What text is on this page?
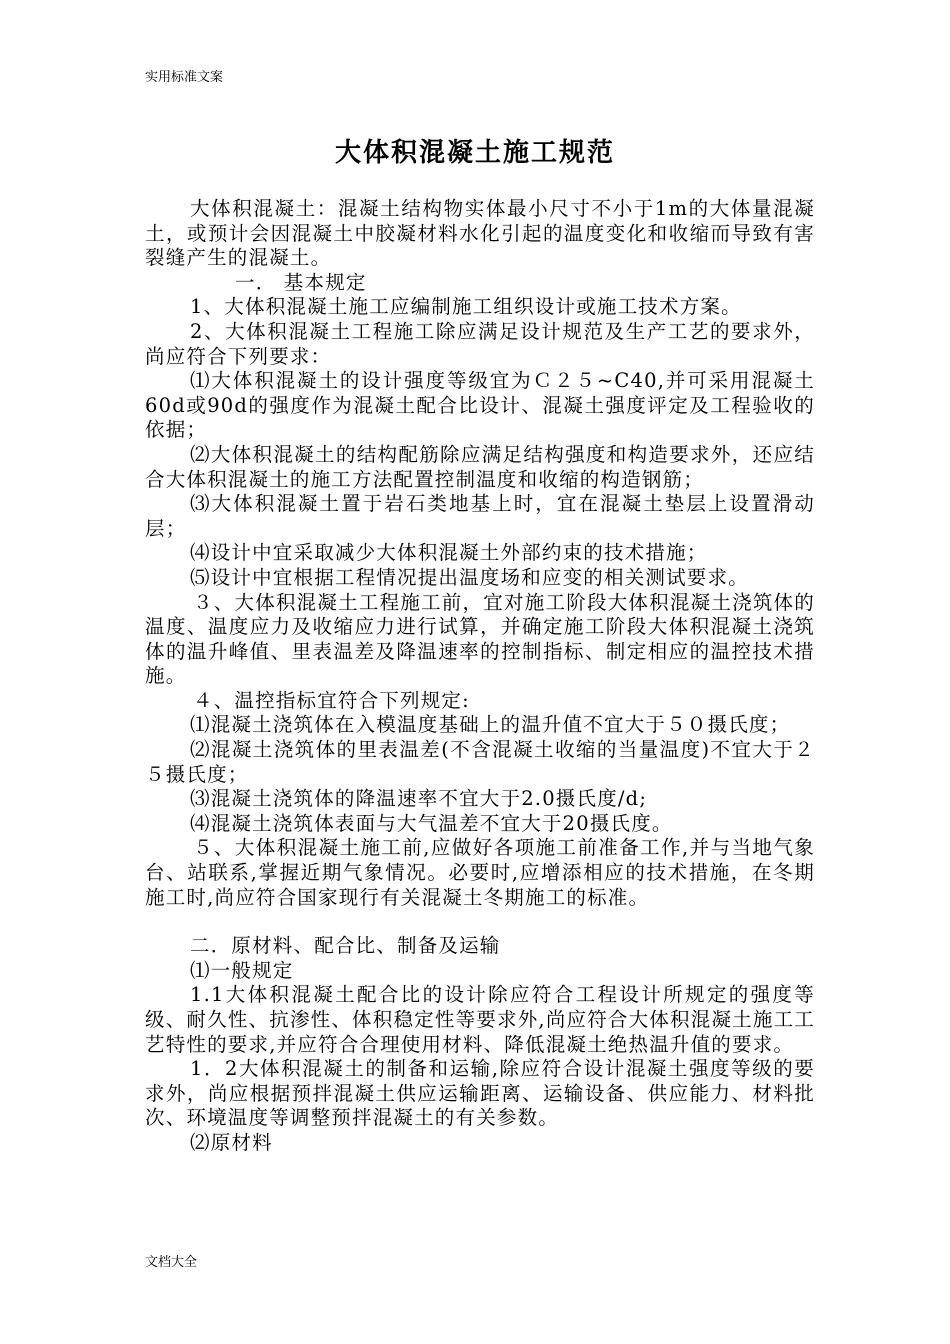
实用标准文案
大体积混凝土施工规范

大体积混凝土：混凝土结构物实体最小尺寸不小于1m的大体量混凝土，或预计会因混凝土中胶凝材料水化引起的温度变化和收缩而导致有害裂缝产生的混凝土。

一． 基本规定

1、大体积混凝土施工应编制施工组织设计或施工技术方案。

2、大体积混凝土工程施工除应满足设计规范及生产工艺的要求外，尚应符合下列要求：

⑴大体积混凝土的设计强度等级宜为Ｃ２５~C40,并可采用混凝土60d或90d的强度作为混凝土配合比设计、混凝土强度评定及工程验收的依据；

⑵大体积混凝土的结构配筋除应满足结构强度和构造要求外，还应结合大体积混凝土的施工方法配置控制温度和收缩的构造钢筋；

⑶大体积混凝土置于岩石类地基上时，宜在混凝土垫层上设置滑动层；

⑷设计中宜采取减少大体积混凝土外部约束的技术措施；

⑸设计中宜根据工程情况提出温度场和应变的相关测试要求。

３、大体积混凝土工程施工前，宜对施工阶段大体积混凝土浇筑体的温度、温度应力及收缩应力进行试算，并确定施工阶段大体积混凝土浇筑体的温升峰值、里表温差及降温速率的控制指标、制定相应的温控技术措施。

４、温控指标宜符合下列规定:

⑴混凝土浇筑体在入模温度基础上的温升值不宜大于５０摄氏度；

⑵混凝土浇筑体的里表温差(不含混凝土收缩的当量温度)不宜大于２５摄氏度；

⑶混凝土浇筑体的降温速率不宜大于2.0摄氏度/d;

⑷混凝土浇筑体表面与大气温差不宜大于20摄氏度。

５、大体积混凝土施工前,应做好各项施工前准备工作,并与当地气象台、站联系,掌握近期气象情况。必要时,应增添相应的技术措施，在冬期施工时,尚应符合国家现行有关混凝土冬期施工的标准。

二．原材料、配合比、制备及运输

⑴一般规定

1.1大体积混凝土配合比的设计除应符合工程设计所规定的强度等级、耐久性、抗渗性、体积稳定性等要求外,尚应符合大体积混凝土施工工艺特性的要求,并应符合合理使用材料、降低混凝土绝热温升值的要求。

1．2大体积混凝土的制备和运输,除应符合设计混凝土强度等级的要求外，尚应根据预拌混凝土供应运输距离、运输设备、供应能力、材料批次、环境温度等调整预拌混凝土的有关参数。

⑵原材料

文档大全
